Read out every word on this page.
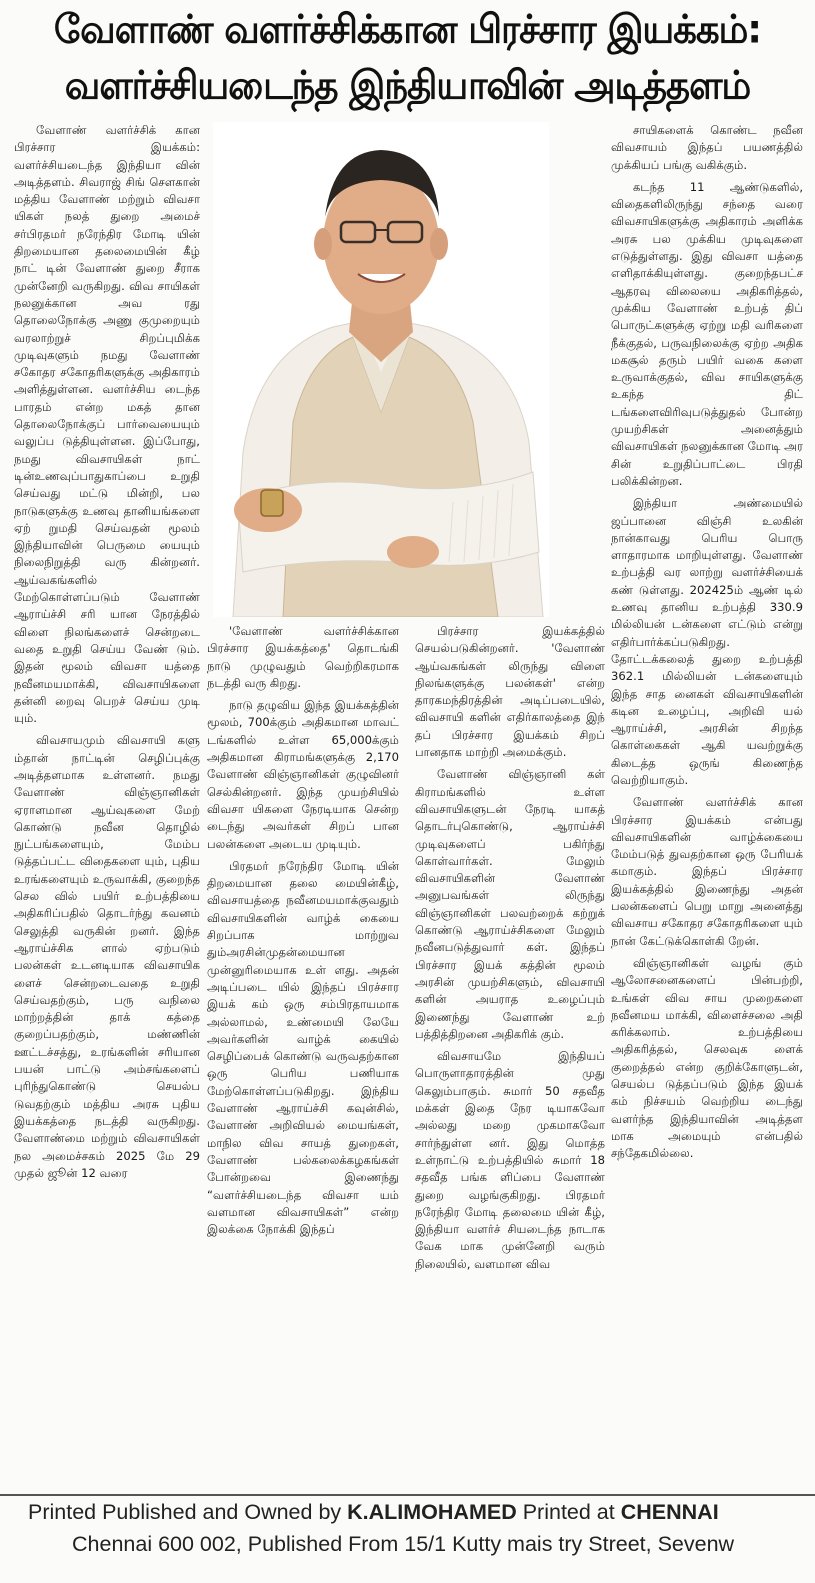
வேளாண் வளர்ச்சிக்கான பிரச்சார இயக்கம்:
வளர்ச்சியடைந்த இந்தியாவின் அடித்தளம்

வேளாண் வளர்ச்சிக் கான பிரச்சார இயக்கம்: வளர்ச்சியடைந்த இந்தியா வின் அடித்தளம். சிவராஜ் சிங் சௌகான் மத்திய வேளாண் மற்றும் விவசா யிகள் நலத் துறை அமைச் சர்பிரதமர் நரேந்திர மோடி யின் திறமையான தலைமையின் கீழ் நாட் டின் வேளாண் துறை சீராக முன்னேறி வருகிறது. விவ சாயிகள் நலனுக்கான அவ ரது தொலைநோக்கு அணு குமுறையும் வரலாற்றுச் சிறப்புமிக்க முடிவுகளும் நமது வேளாண் சகோதர சகோதரிகளுக்கு அதிகாரம் அளித்துள்ளன. வளர்ச்சிய டைந்த பாரதம் என்ற மகத் தான தொலைநோக்குப் பார்வையையும் வலுப்ப டுத்தியுள்ளன. இப்போது, நமது விவசாயிகள் நாட் டின்உணவுப்பாதுகாப்பை உறுதி செய்வது மட்டு மின்றி, பல நாடுகளுக்கு உணவு தானியங்களை ஏற் றுமதி செய்வதன் மூலம் இந்தியாவின் பெருமை யையும் நிலைநிறுத்தி வரு கின்றனர். ஆய்வகங்களில் மேற்கொள்ளப்படும் வேளாண் ஆராய்ச்சி சரி யான நேரத்தில் விளை நிலங்களைச் சென்றடை வதை உறுதி செய்ய வேண் டும். இதன் மூலம் விவசா யத்தை நவீனமயமாக்கி, விவசாயிகளை தன்னி றைவு பெறச் செய்ய முடி யும்.

விவசாயமும் விவசாயி களு ம்தான் நாட்டின் செழிப்புக்கு அடித்தளமாக உள்ளனர். நமது வேளாண் விஞ்ஞானிகள் ஏராளமான ஆய்வுகளை மேற் கொண்டு நவீன தொழில் நுட்பங்களையும், மேம்ப டுத்தப்பட்ட விதைகளை யும், புதிய உரங்களையும் உருவாக்கி, குறைந்த செல வில் பயிர் உற்பத்தியை அதிகரிப்பதில் தொடர்ந்து கவனம் செலுத்தி வருகின் றனர். இந்த ஆராய்ச்சிக ளால் ஏற்படும் பலன்கள் உடனடியாக விவசாயிக ளைச் சென்றடைவதை உறுதி செய்வதற்கும், பரு வநிலை மாற்றத்தின் தாக் கத்தை குறைப்பதற்கும், மண்ணின் ஊட்டச்சத்து, உரங்களின் சரியான பயன் பாட்டு அம்சங்களைப் புரிந்துகொண்டு செயல்ப டுவதற்கும் மத்திய அரசு புதிய இயக்கத்தை நடத்தி வருகிறது. வேளாண்மை மற்றும் விவசாயிகள் நல அமைச்சகம் 2025 மே 29 முதல் ஜூன் 12 வரை

'வேளாண் வளர்ச்சிக்கான பிரச்சார இயக்கத்தை' தொடங்கி நாடு முழுவதும் வெற்றிகரமாக நடத்தி வரு கிறது.

நாடு தழுவிய இந்த இயக்கத்தின் மூலம், 700க்கும் அதிகமான மாவட் டங்களில் உள்ள 65,000க்கும் அதிகமான கிராமங்களுக்கு 2,170 வேளாண் விஞ்ஞானிகள் குழுவினர் செல்கின்றனர். இந்த முயற்சியில் விவசா யிகளை நேரடியாக சென்ற டைந்து அவர்கள் சிறப் பான பலன்களை அடைய முடியும்.

பிரதமர் நரேந்திர மோடி யின் திறமையான தலை மையின்கீழ், விவசாயத்தை நவீனமயமாக்குவதும் விவசாயிகளின் வாழ்க் கையை சிறப்பாக மாற்றுவ தும்அரசின்முதன்மையான முன்னுரிமையாக உள் ளது. அதன் அடிப்படை யில் இந்தப் பிரச்சார இயக் கம் ஒரு சம்பிரதாயமாக அல்லாமல், உண்மையி லேயே அவர்களின் வாழ்க் கையில் செழிப்பைக் கொண்டு வருவதற்கான ஒரு பெரிய பணியாக மேற்கொள்ளப்படுகிறது. இந்திய வேளாண் ஆராய்ச்சி கவுன்சில், வேளாண் அறிவியல் மையங்கள், மாநில விவ சாயத் துறைகள், வேளாண் பல்கலைக்கழகங்கள் போன்றவை இணைந்து “வளர்ச்சியடைந்த விவசா யம் வளமான விவசாயிகள்” என்ற இலக்கை நோக்கி இந்தப்

பிரச்சார இயக்கத்தில் செயல்படுகின்றனர். 'வேளாண் ஆய்வகங்கள் லிருந்து விளை நிலங்களுக்கு பலன்கள்' என்ற தாரகமந்திரத்தின் அடிப்படையில், விவசாயி களின் எதிர்காலத்தை இந் தப் பிரச்சார இயக்கம் சிறப் பானதாக மாற்றி அமைக்கும்.

வேளாண் விஞ்ஞானி கள் கிராமங்களில் உள்ள விவசாயிகளுடன் நேரடி யாகத் தொடர்புகொண்டு, ஆராய்ச்சி முடிவுகளைப் பகிர்ந்து கொள்வார்கள். மேலும் விவசாயிகளின் வேளாண் அனுபவங்கள் லிருந்து விஞ்ஞானிகள் பலவற்றைக் கற்றுக் கொண்டு ஆராய்ச்சிகளை மேலும் நவீனபடுத்துவார் கள். இந்தப் பிரச்சார இயக் கத்தின் மூலம் அரசின் முயற்சிகளும், விவசாயி களின் அயராத உழைப்பும் இணைந்து வேளாண் உற் பத்தித்திறனை அதிகரிக் கும்.

விவசாயமே இந்தியப் பொருளாதாரத்தின் முது கெலும்பாகும். சுமார் 50 சதவீத மக்கள் இதை நேர டியாகவோ அல்லது மறை முகமாகவோ சார்ந்துள்ள னர். இது மொத்த உள்நாட்டு உற்பத்தியில் சுமார் 18 சதவீத பங்க ளிப்பை வேளாண் துறை வழங்குகிறது. பிரதமர் நரேந்திர மோடி தலைமை யின் கீழ், இந்தியா வளர்ச் சியடைந்த நாடாக வேக மாக முன்னேறி வரும் நிலையில், வளமான விவ

சாயிகளைக் கொண்ட நவீன விவசாயம் இந்தப் பயணத்தில் முக்கியப் பங்கு வகிக்கும்.

கடந்த 11 ஆண்டுகளில், விதைகளிலிருந்து சந்தை வரை விவசாயிகளுக்கு அதிகாரம் அளிக்க அரசு பல முக்கிய முடிவுகளை எடுத்துள்ளது. இது விவசா யத்தை எளிதாக்கியுள்ளது. குறைந்தபட்ச ஆதரவு விலையை அதிகரித்தல், முக்கிய வேளாண் உற்பத் திப் பொருட்களுக்கு ஏற்று மதி வரிகளை நீக்குதல், பருவநிலைக்கு ஏற்ற அதிக மகசூல் தரும் பயிர் வகை களை உருவாக்குதல், விவ சாயிகளுக்கு உகந்த திட் டங்களைவிரிவுபடுத்துதல் போன்ற முயற்சிகள் அனைத்தும் விவசாயிகள் நலனுக்கான மோடி அர சின் உறுதிப்பாட்டை பிரதி பலிக்கின்றன.

இந்தியா அண்மையில் ஜப்பானை விஞ்சி உலகின் நான்காவது பெரிய பொரு ளாதாரமாக மாறியுள்ளது. வேளாண் உற்பத்தி வர லாற்று வளர்ச்சியைக் கண் டுள்ளது. 202425ம் ஆண் டில் உணவு தானிய உற்பத்தி 330.9 மில்லியன் டன்களை எட்டும் என்று எதிர்பார்க்கப்படுகிறது. தோட்டக்கலைத் துறை உற்பத்தி 362.1 மில்லியன் டன்களையும் இந்த சாத னைகள் விவசாயிகளின் கடின உழைப்பு, அறிவி யல் ஆராய்ச்சி, அரசின் சிறந்த கொள்கைகள் ஆகி யவற்றுக்கு கிடைத்த ஒருங் கிணைந்த வெற்றியாகும்.

வேளாண் வளர்ச்சிக் கான பிரச்சார இயக்கம் என்பது விவசாயிகளின் வாழ்க்கையை மேம்படுத் துவதற்கான ஒரு பேரியக் கமாகும். இந்தப் பிரச்சார இயக்கத்தில் இணைந்து அதன் பலன்களைப் பெறு மாறு அனைத்து விவசாய சகோதர சகோதரிகளை யும் நான் கேட்டுக்கொள்கி றேன்.

விஞ்ஞானிகள் வழங் கும் ஆலோசனைகளைப் பின்பற்றி, உங்கள் விவ சாய முறைகளை நவீனமய மாக்கி, விளைச்சலை அதி கரிக்கலாம். உற்பத்தியை அதிகரித்தல், செலவுக ளைக் குறைத்தல் என்ற குறிக்கோளுடன், செயல்ப டுத்தப்படும் இந்த இயக் கம் நிச்சயம் வெற்றிய டைந்து வளர்ந்த இந்தியாவின் அடித்தள மாக அமையும் என்பதில் சந்தேகமில்லை.

Printed Published and Owned by K.ALIMOHAMED Printed at CHENNAI
Chennai 600 002, Published From 15/1 Kutty mais try Street, Sevenw
